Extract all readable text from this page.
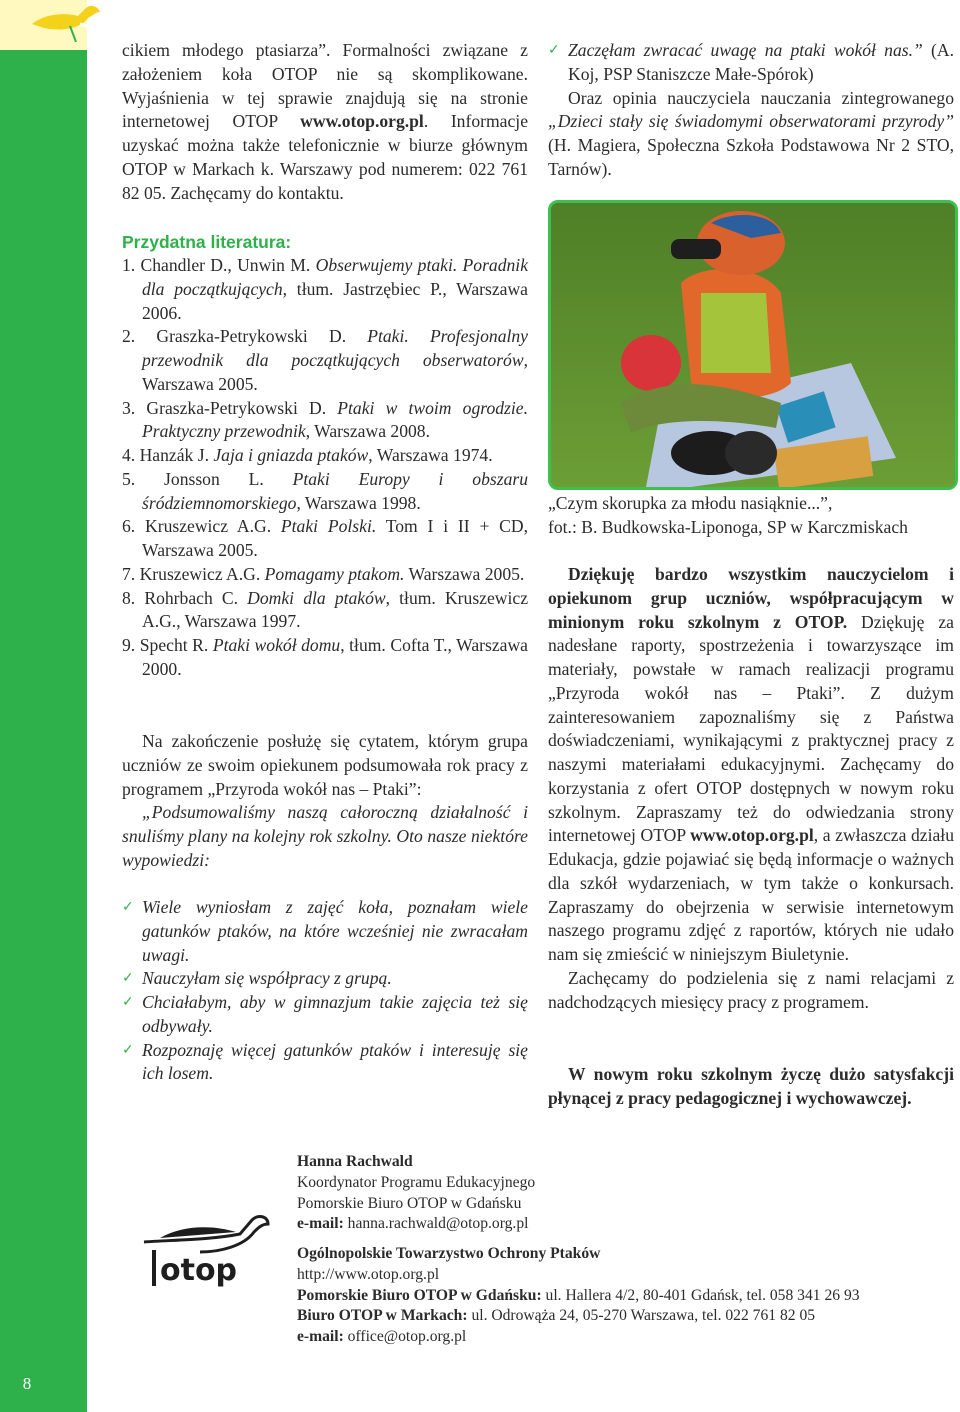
8
cikiem młodego ptasiarza”. Formalności związane z założeniem koła OTOP nie są skomplikowane. Wyjaśnienia w tej sprawie znajdują się na stronie internetowej OTOP www.otop.org.pl. Informacje uzyskać można także telefonicznie w biurze głównym OTOP w Markach k. Warszawy pod numerem: 022 761 82 05. Zachęcamy do kontaktu.
Przydatna literatura:
1. Chandler D., Unwin M. Obserwujemy ptaki. Poradnik dla początkujących, tłum. Jastrzębiec P., Warszawa 2006.
2. Graszka-Petrykowski D. Ptaki. Profesjonalny przewodnik dla początkujących obserwatorów, Warszawa 2005.
3. Graszka-Petrykowski D. Ptaki w twoim ogrodzie. Praktyczny przewodnik, Warszawa 2008.
4. Hanzák J. Jaja i gniazda ptaków, Warszawa 1974.
5. Jonsson L. Ptaki Europy i obszaru śródziemnomorskiego, Warszawa 1998.
6. Kruszewicz A.G. Ptaki Polski. Tom I i II + CD, Warszawa 2005.
7. Kruszewicz A.G. Pomagamy ptakom. Warszawa 2005.
8. Rohrbach C. Domki dla ptaków, tłum. Kruszewicz A.G., Warszawa 1997.
9. Specht R. Ptaki wokół domu, tłum. Cofta T., Warszawa 2000.

Na zakończenie posłużę się cytatem, którym grupa uczniów ze swoim opiekunem podsumowała rok pracy z programem „Przyroda wokół nas – Ptaki”:

„Podsumowaliśmy naszą całoroczną działalność i snuliśmy plany na kolejny rok szkolny. Oto nasze niektóre wypowiedzi:

✓ Wiele wyniosłam z zajęć koła, poznałam wiele gatunków ptaków, na które wcześniej nie zwracałam uwagi.
✓ Nauczyłam się współpracy z grupą.
✓ Chciałabym, aby w gimnazjum takie zajęcia też się odbywały.
✓ Rozpoznaję więcej gatunków ptaków i interesuję się ich losem.
✓ Zaczęłam zwracać uwagę na ptaki wokół nas.” (A. Koj, PSP Staniszcze Małe-Spórok)

Oraz opinia nauczyciela nauczania zintegrowanego „Dzieci stały się świadomymi obserwatorami przyrody” (H. Magiera, Społeczna Szkoła Podstawowa Nr 2 STO, Tarnów).

„Czym skorupka za młodu nasiąknie...”,

fot.: B. Budkowska-Liponoga, SP w Karczmiskach

Dziękuję bardzo wszystkim nauczycielom i opiekunom grup uczniów, współpracującym w minionym roku szkolnym z OTOP. Dziękuję za nadesłane raporty, spostrzeżenia i towarzyszące im materiały, powstałe w ramach realizacji programu „Przyroda wokół nas – Ptaki”. Z dużym zainteresowaniem zapoznaliśmy się z Państwa doświadczeniami, wynikającymi z praktycznej pracy z naszymi materiałami edukacyjnymi. Zachęcamy do korzystania z ofert OTOP dostępnych w nowym roku szkolnym. Zapraszamy też do odwiedzania strony internetowej OTOP www.otop.org.pl, a zwłaszcza działu Edukacja, gdzie pojawiać się będą informacje o ważnych dla szkół wydarzeniach, w tym także o konkursach. Zapraszamy do obejrzenia w serwisie internetowym naszego programu zdjęć z raportów, których nie udało nam się zmieścić w niniejszym Biuletynie.

Zachęcamy do podzielenia się z nami relacjami z nadchodzących miesięcy pracy z programem.

W nowym roku szkolnym życzę dużo satysfakcji płynącej z pracy pedagogicznej i wychowawczej.
otop

Hanna Rachwald

Koordynator Programu Edukacyjnego

Pomorskie Biuro OTOP w Gdańsku

e-mail: hanna.rachwald@otop.org.pl

Ogólnopolskie Towarzystwo Ochrony Ptaków

http://www.otop.org.pl

Pomorskie Biuro OTOP w Gdańsku: ul. Hallera 4/2, 80-401 Gdańsk, tel. 058 341 26 93

Biuro OTOP w Markach: ul. Odrowąża 24, 05-270 Warszawa, tel. 022 761 82 05

e-mail: office@otop.org.pl
